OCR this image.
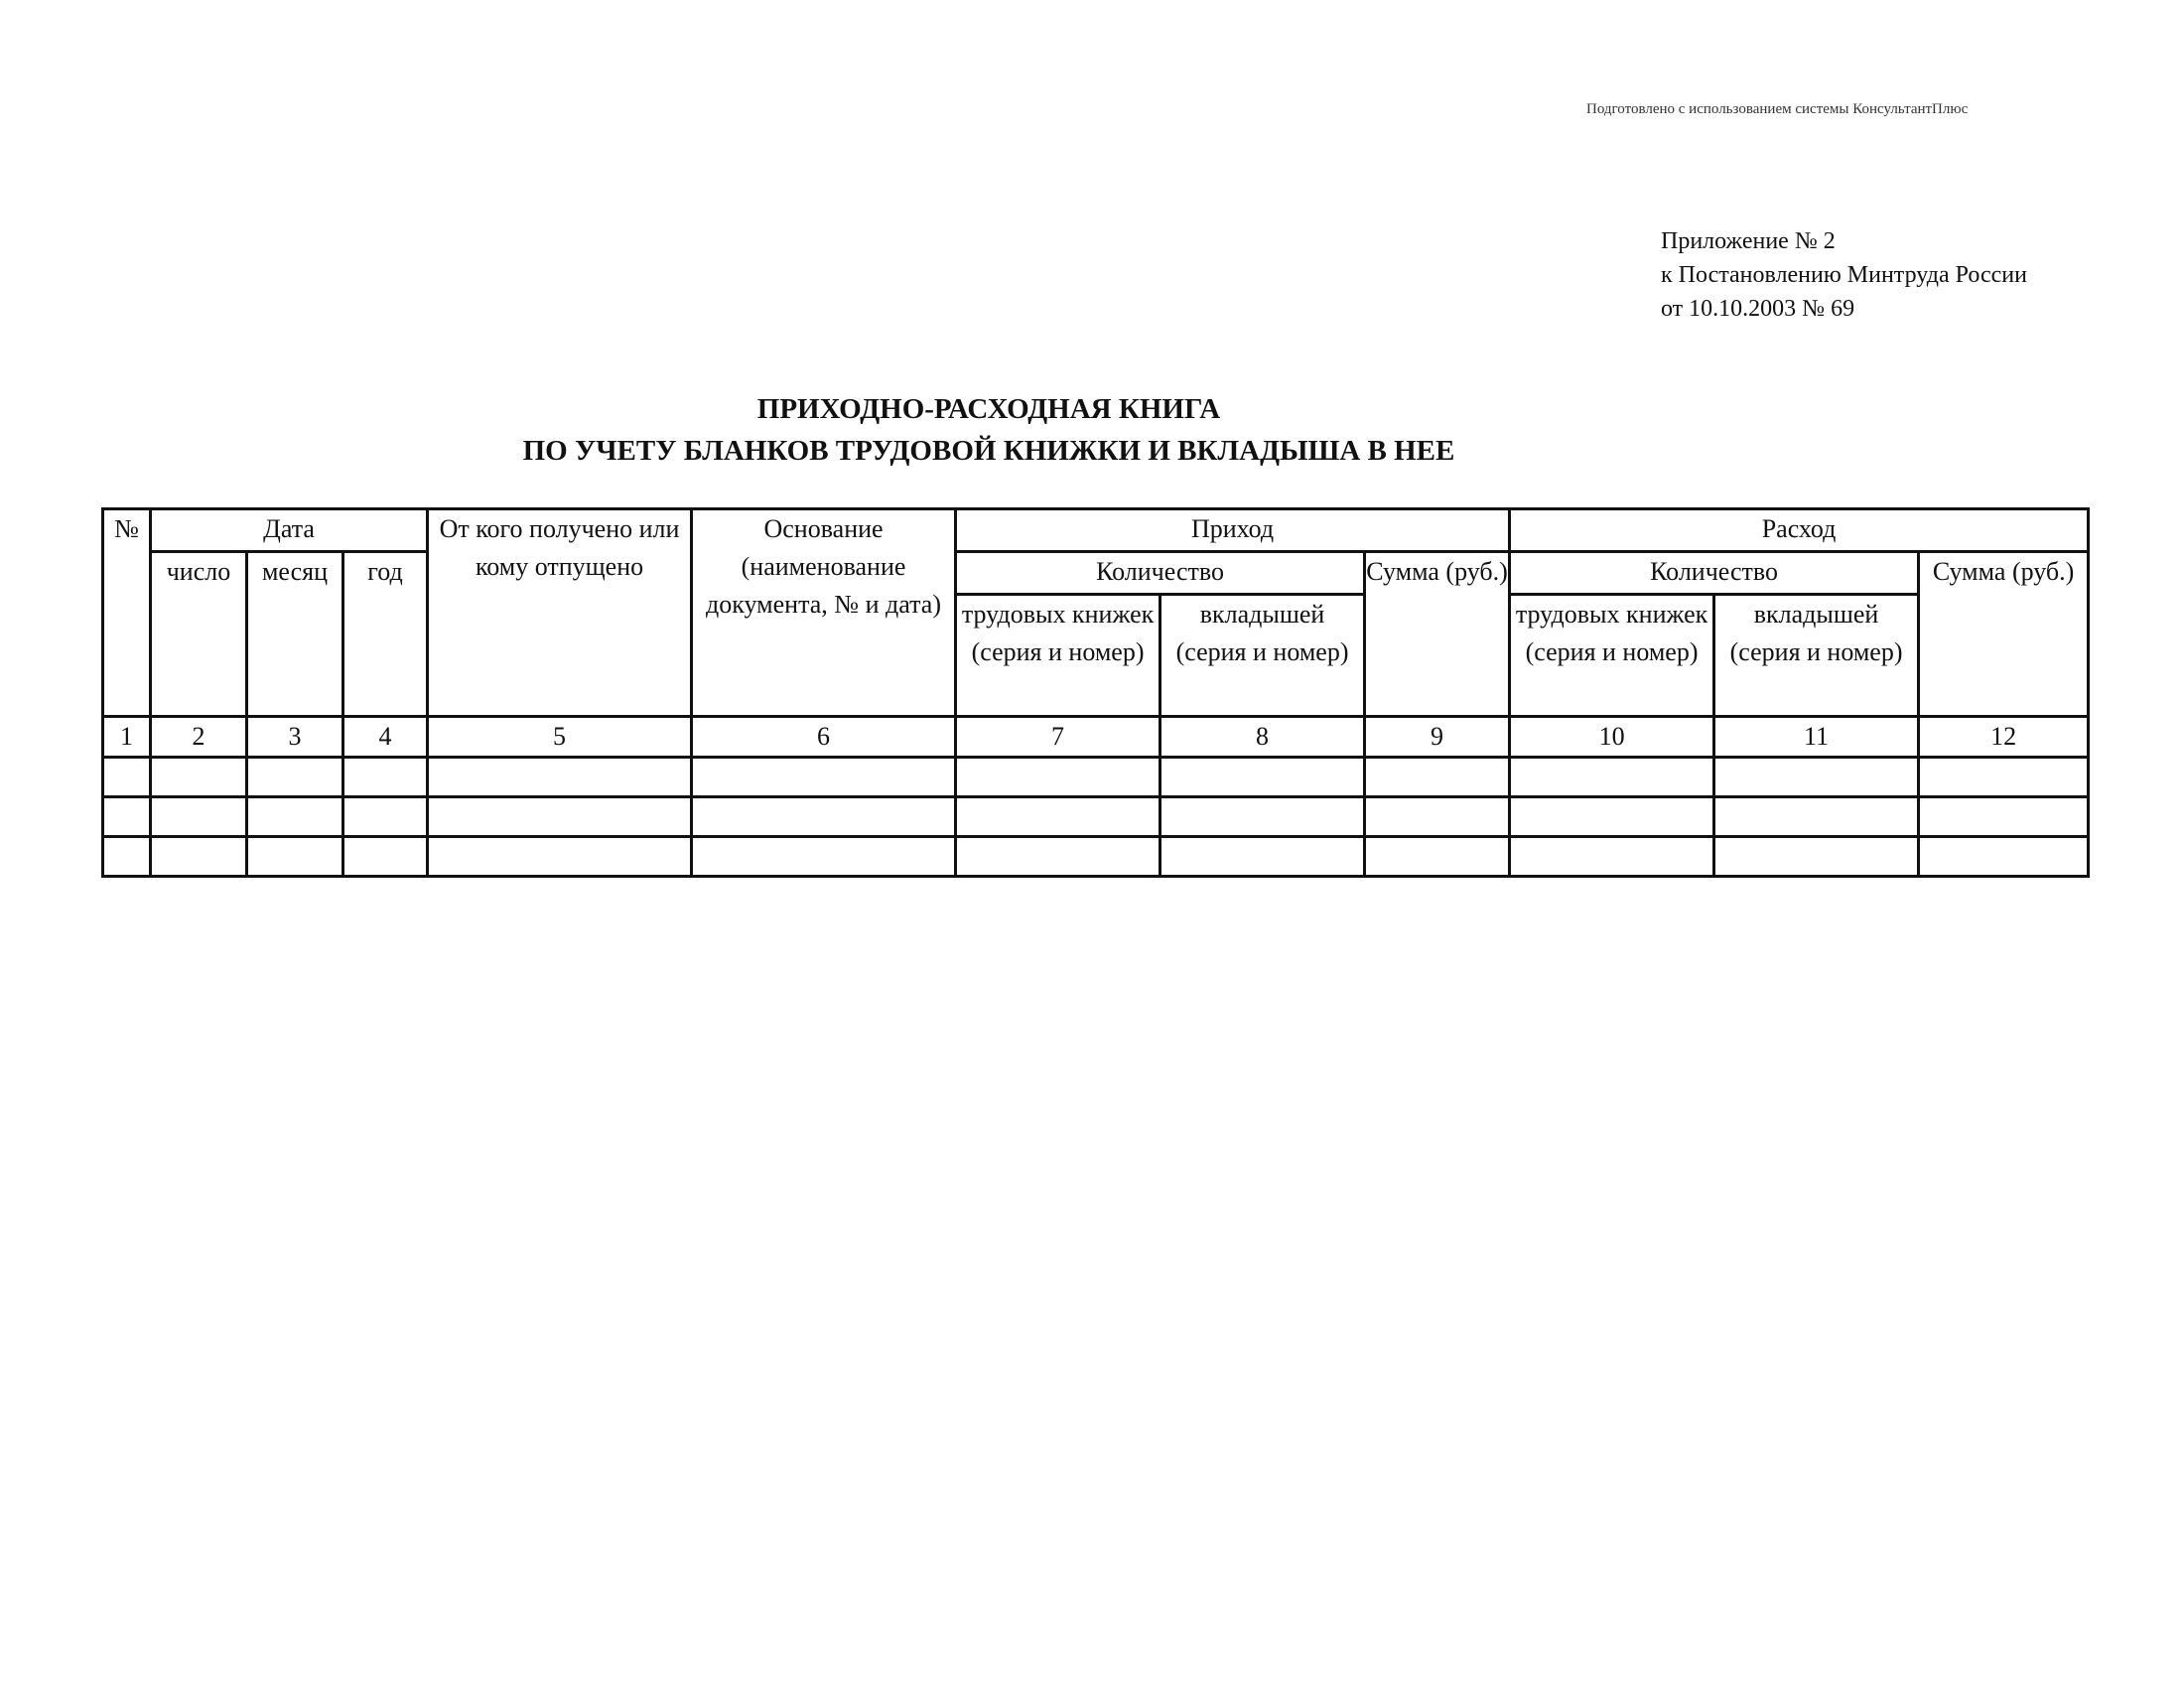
Подготовлено с использованием системы КонсультантПлюс
Приложение № 2
к Постановлению Минтруда России
от 10.10.2003 № 69
ПРИХОДНО-РАСХОДНАЯ КНИГА
ПО УЧЕТУ БЛАНКОВ ТРУДОВОЙ КНИЖКИ И ВКЛАДЫША В НЕЕ
№	Дата			От кого получено или кому отпущено	Основание (наименование документа, № и дата)	Приход			Расход		
	число	месяц	год			Количество		Сумма (руб.)	Количество		Сумма (руб.)
						трудовых книжек (серия и номер)	вкладышей (серия и номер)		трудовых книжек (серия и номер)	вкладышей (серия и номер)	

1	2	3	4	5	6	7	8	9	10	11	12
